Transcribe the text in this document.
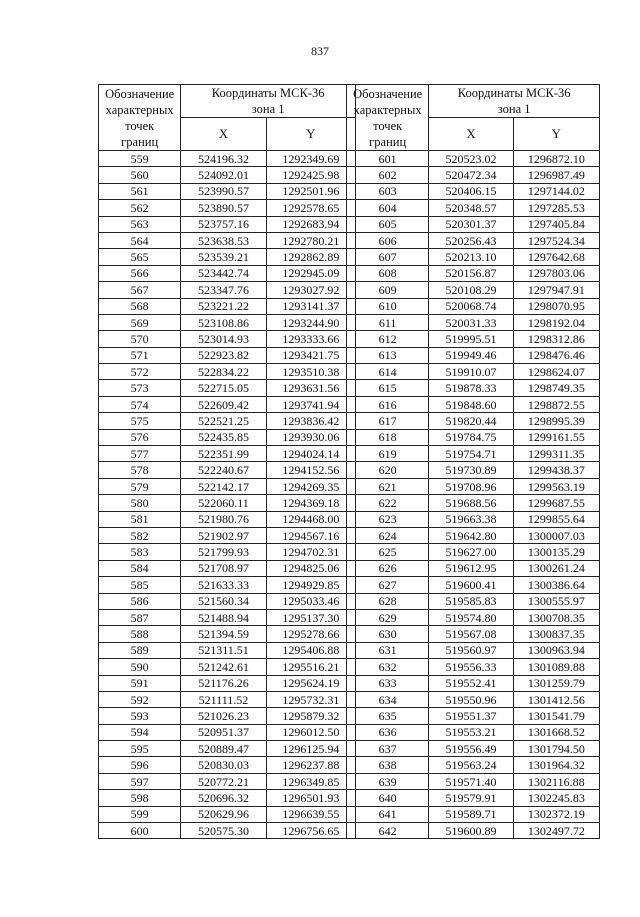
837
Обозначение
характерных
точек
границ	Координаты МСК-36
зона 1	
	X	Y
559	524196.32	1292349.69
560	524092.01	1292425.98
561	523990.57	1292501.96
562	523890.57	1292578.65
563	523757.16	1292683.94
564	523638.53	1292780.21
565	523539.21	1292862.89
566	523442.74	1292945.09
567	523347.76	1293027.92
568	523221.22	1293141.37
569	523108.86	1293244.90
570	523014.93	1293333.66
571	522923.82	1293421.75
572	522834.22	1293510.38
573	522715.05	1293631.56
574	522609.42	1293741.94
575	522521.25	1293836.42
576	522435.85	1293930.06
577	522351.99	1294024.14
578	522240.67	1294152.56
579	522142.17	1294269.35
580	522060.11	1294369.18
581	521980.76	1294468.00
582	521902.97	1294567.16
583	521799.93	1294702.31
584	521708.97	1294825.06
585	521633.33	1294929.85
586	521560.34	1295033.46
587	521488.94	1295137.30
588	521394.59	1295278.66
589	521311.51	1295406.88
590	521242.61	1295516.21
591	521176.26	1295624.19
592	521111.52	1295732.31
593	521026.23	1295879.32
594	520951.37	1296012.50
595	520889.47	1296125.94
596	520830.03	1296237.88
597	520772.21	1296349.85
598	520696.32	1296501.93
599	520629.96	1296639.55
600	520575.30	1296756.65
Обозначение
характерных
точек
границ	Координаты МСК-36
зона 1	
	X	Y
601	520523.02	1296872.10
602	520472.34	1296987.49
603	520406.15	1297144.02
604	520348.57	1297285.53
605	520301.37	1297405.84
606	520256.43	1297524.34
607	520213.10	1297642.68
608	520156.87	1297803.06
609	520108.29	1297947.91
610	520068.74	1298070.95
611	520031.33	1298192.04
612	519995.51	1298312.86
613	519949.46	1298476.46
614	519910.07	1298624.07
615	519878.33	1298749.35
616	519848.60	1298872.55
617	519820.44	1298995.39
618	519784.75	1299161.55
619	519754.71	1299311.35
620	519730.89	1299438.37
621	519708.96	1299563.19
622	519688.56	1299687.55
623	519663.38	1299855.64
624	519642.80	1300007.03
625	519627.00	1300135.29
626	519612.95	1300261.24
627	519600.41	1300386.64
628	519585.83	1300555.97
629	519574.80	1300708.35
630	519567.08	1300837.35
631	519560.97	1300963.94
632	519556.33	1301089.88
633	519552.41	1301259.79
634	519550.96	1301412.56
635	519551.37	1301541.79
636	519553.21	1301668.52
637	519556.49	1301794.50
638	519563.24	1301964.32
639	519571.40	1302116.88
640	519579.91	1302245.83
641	519589.71	1302372.19
642	519600.89	1302497.72
